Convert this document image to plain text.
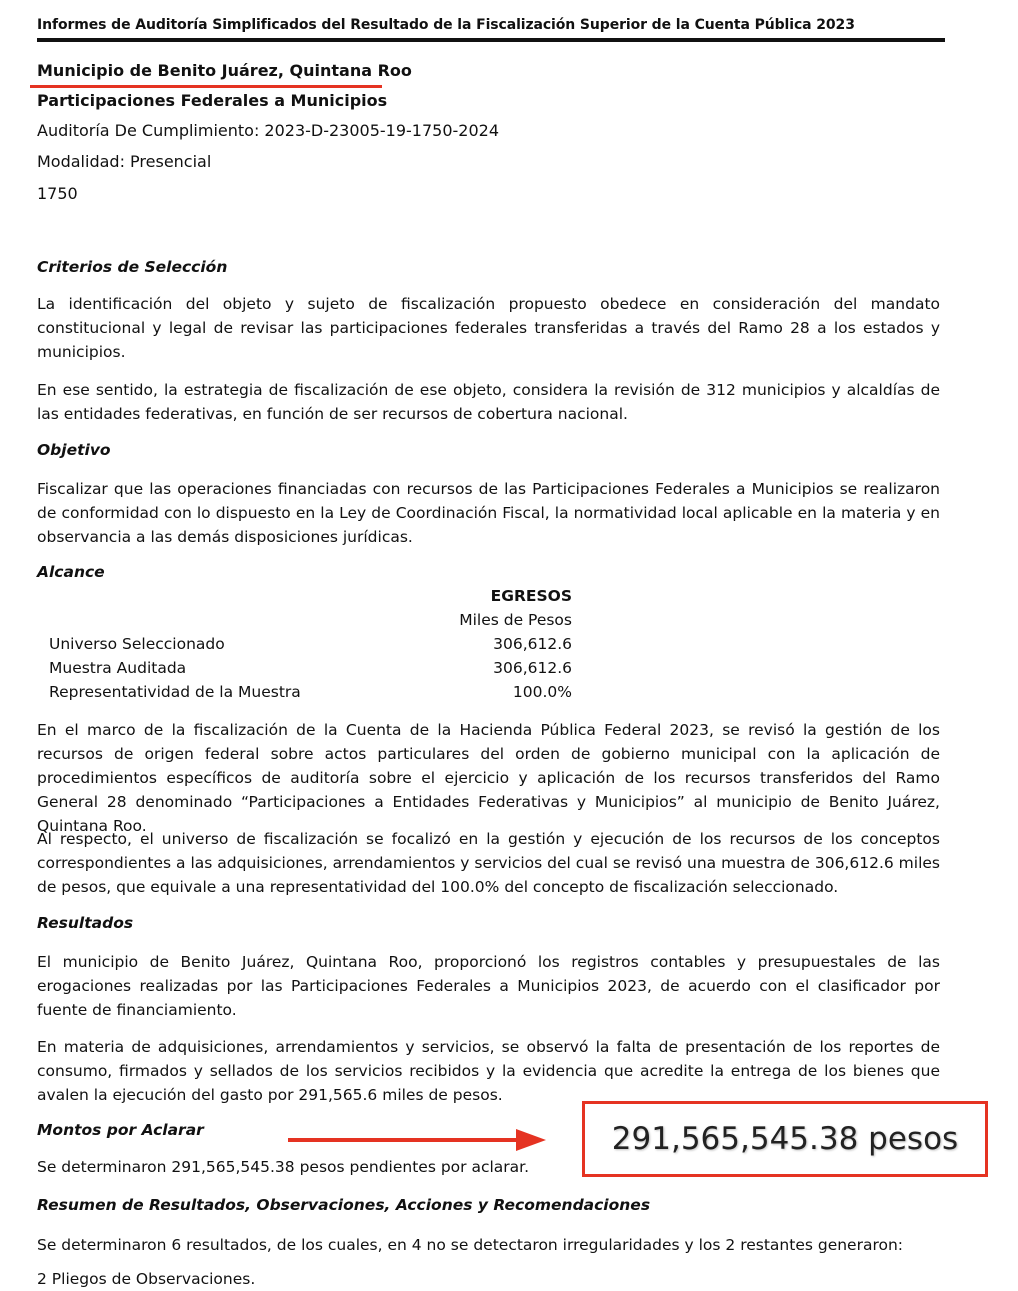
Informes de Auditoría Simplificados del Resultado de la Fiscalización Superior de la Cuenta Pública 2023
Municipio de Benito Juárez, Quintana Roo
Participaciones Federales a Municipios
Auditoría De Cumplimiento: 2023-D-23005-19-1750-2024
Modalidad: Presencial
1750
Criterios de Selección
La identificación del objeto y sujeto de fiscalización propuesto obedece en consideración del mandato constitucional y legal de revisar las participaciones federales transferidas a través del Ramo 28 a los estados y municipios.
En ese sentido, la estrategia de fiscalización de ese objeto, considera la revisión de 312 municipios y alcaldías de las entidades federativas, en función de ser recursos de cobertura nacional.
Objetivo
Fiscalizar que las operaciones financiadas con recursos de las Participaciones Federales a Municipios se realizaron de conformidad con lo dispuesto en la Ley de Coordinación Fiscal, la normatividad local aplicable en la materia y en observancia a las demás disposiciones jurídicas.
Alcance
EGRESOS
Miles de Pesos
Universo Seleccionado	306,612.6
Muestra Auditada	306,612.6
Representatividad de la Muestra	100.0%
En el marco de la fiscalización de la Cuenta de la Hacienda Pública Federal 2023, se revisó la gestión de los recursos de origen federal sobre actos particulares del orden de gobierno municipal con la aplicación de procedimientos específicos de auditoría sobre el ejercicio y aplicación de los recursos transferidos del Ramo General 28 denominado “Participaciones a Entidades Federativas y Municipios” al municipio de Benito Juárez, Quintana Roo.
Al respecto, el universo de fiscalización se focalizó en la gestión y ejecución de los recursos de los conceptos correspondientes a las adquisiciones, arrendamientos y servicios del cual se revisó una muestra de 306,612.6 miles de pesos, que equivale a una representatividad del 100.0% del concepto de fiscalización seleccionado.
Resultados
El municipio de Benito Juárez, Quintana Roo, proporcionó los registros contables y presupuestales de las erogaciones realizadas por las Participaciones Federales a Municipios 2023, de acuerdo con el clasificador por fuente de financiamiento.
En materia de adquisiciones, arrendamientos y servicios, se observó la falta de presentación de los reportes de consumo, firmados y sellados de los servicios recibidos y la evidencia que acredite la entrega de los bienes que avalen la ejecución del gasto por 291,565.6 miles de pesos.
Montos por Aclarar
Se determinaron 291,565,545.38 pesos pendientes por aclarar.
291,565,545.38 pesos
Resumen de Resultados, Observaciones, Acciones y Recomendaciones
Se determinaron 6 resultados, de los cuales, en 4 no se detectaron irregularidades y los 2 restantes generaron:
2 Pliegos de Observaciones.
